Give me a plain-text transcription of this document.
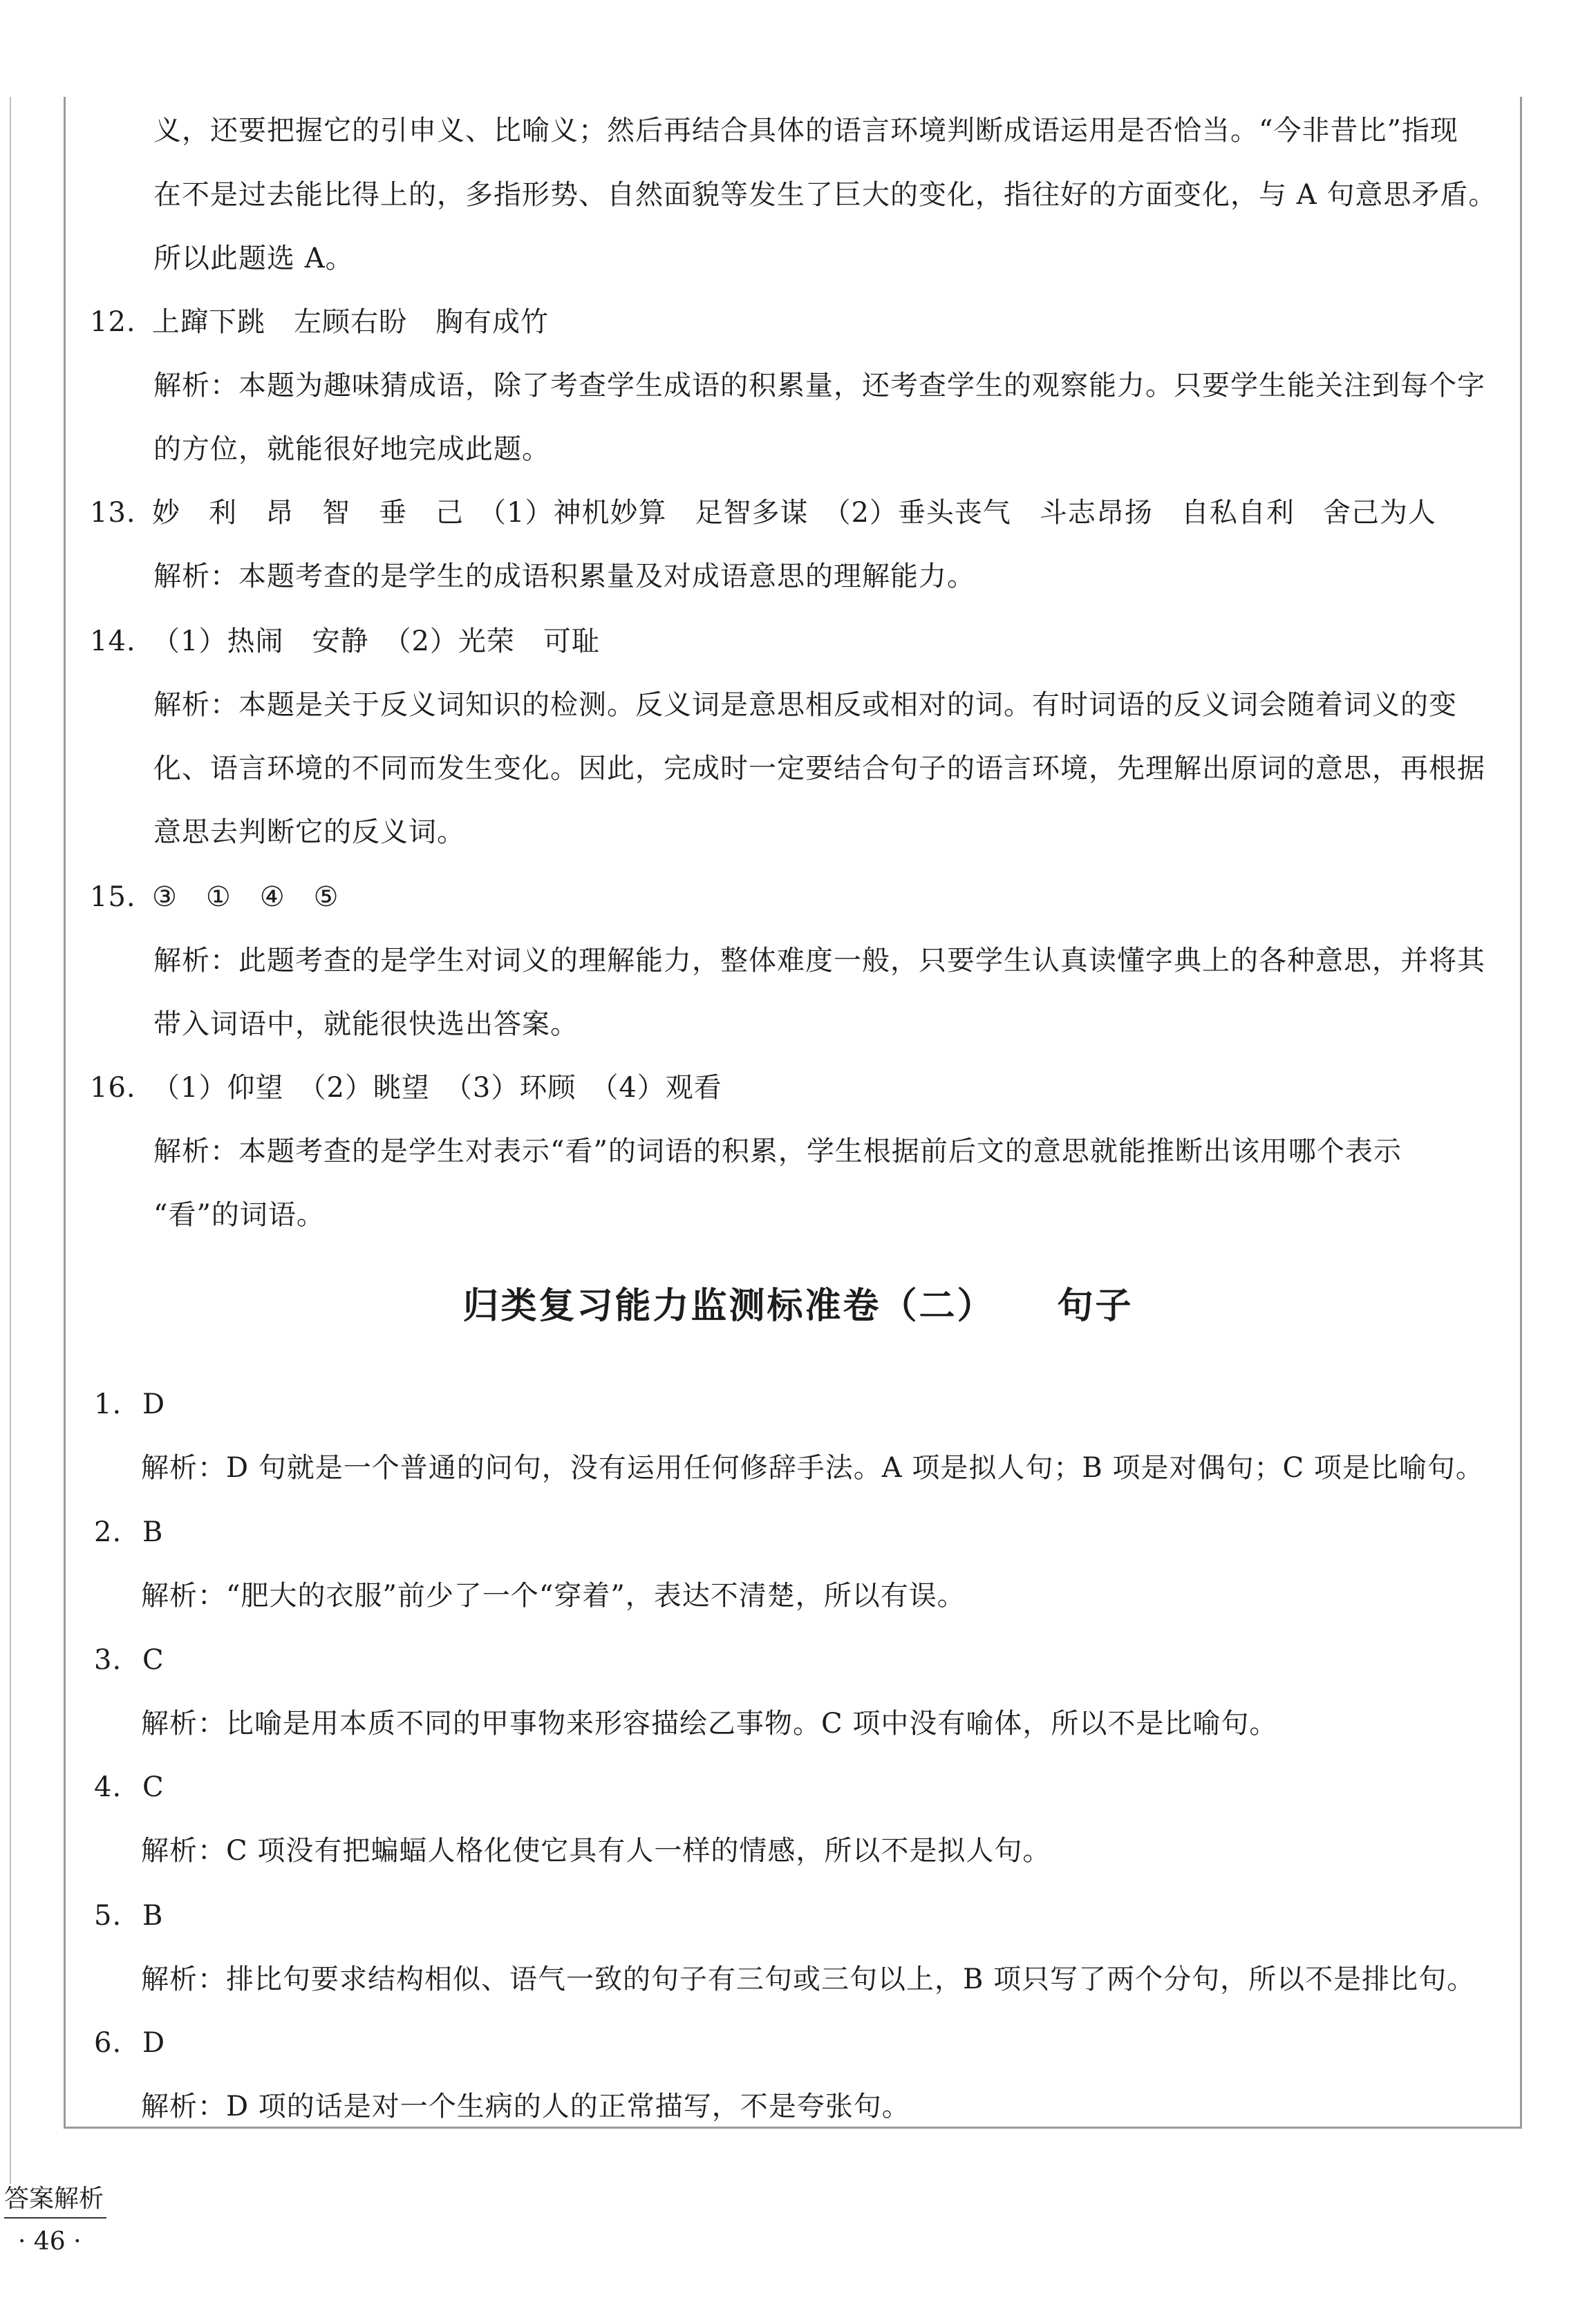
义，还要把握它的引申义、比喻义；然后再结合具体的语言环境判断成语运用是否恰当。“今非昔比”指现
在不是过去能比得上的，多指形势、自然面貌等发生了巨大的变化，指往好的方面变化，与 A 句意思矛盾。
所以此题选 A。
12. 上蹿下跳　左顾右盼　胸有成竹
解析：本题为趣味猜成语，除了考查学生成语的积累量，还考查学生的观察能力。只要学生能关注到每个字
的方位，就能很好地完成此题。
13. 妙　利　昂　智　垂　己　（1）神机妙算　足智多谋　（2）垂头丧气　斗志昂扬　自私自利　舍己为人
解析：本题考查的是学生的成语积累量及对成语意思的理解能力。
14. （1）热闹　安静　（2）光荣　可耻
解析：本题是关于反义词知识的检测。反义词是意思相反或相对的词。有时词语的反义词会随着词义的变
化、语言环境的不同而发生变化。因此，完成时一定要结合句子的语言环境，先理解出原词的意思，再根据
意思去判断它的反义词。
15. ③　①　④　⑤
解析：此题考查的是学生对词义的理解能力，整体难度一般，只要学生认真读懂字典上的各种意思，并将其
带入词语中，就能很快选出答案。
16. （1）仰望　（2）眺望　（3）环顾　（4）观看
解析：本题考查的是学生对表示“看”的词语的积累，学生根据前后文的意思就能推断出该用哪个表示
“看”的词语。
归类复习能力监测标准卷（二） 句子
1. D
解析：D 句就是一个普通的问句，没有运用任何修辞手法。A 项是拟人句；B 项是对偶句；C 项是比喻句。
2. B
解析：“肥大的衣服”前少了一个“穿着”，表达不清楚，所以有误。
3. C
解析：比喻是用本质不同的甲事物来形容描绘乙事物。C 项中没有喻体，所以不是比喻句。
4. C
解析：C 项没有把蝙蝠人格化使它具有人一样的情感，所以不是拟人句。
5. B
解析：排比句要求结构相似、语气一致的句子有三句或三句以上，B 项只写了两个分句，所以不是排比句。
6. D
解析：D 项的话是对一个生病的人的正常描写，不是夸张句。
答案解析
· 46 ·
